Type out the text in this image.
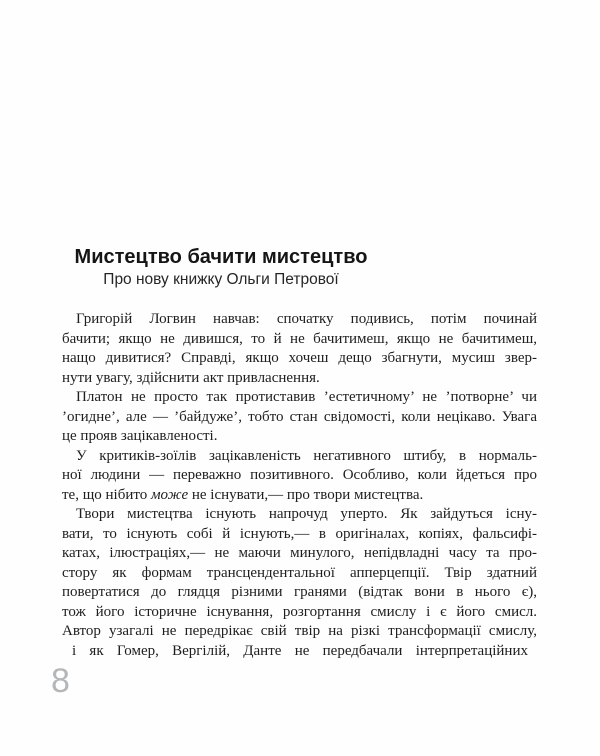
Мистецтво бачити мистецтво
Про нову книжку Ольги Петрової
Григорій Логвин навчав: спочатку подивись, потім починай
бачити; якщо не дивишся, то й не бачитимеш, якщо не бачитимеш,
нащо дивитися? Справді, якщо хочеш дещо збагнути, мусиш звер-
нути увагу, здійснити акт привласнення.
Платон не просто так протиставив ’естетичному’ не ’потворне’ чи
’огидне’, але — ’байдуже’, тобто стан свідомості, коли нецікаво. Увага
це прояв зацікавленості.
У критиків-зоїлів зацікавленість негативного штибу, в нормаль-
ної людини — переважно позитивного. Особливо, коли йдеться про
те, що нібито може не існувати,— про твори мистецтва.
Твори мистецтва існують напрочуд уперто. Як зайдуться існу-
вати, то існують собі й існують,— в оригіналах, копіях, фальсифі-
катах, ілюстраціях,— не маючи минулого, непідвладні часу та про-
стору як формам трансцендентальної апперцепції. Твір здатний
повертатися до глядця різними гранями (відтак вони в нього є),
тож його історичне існування, розгортання смислу і є його смисл.
Автор узагалі не передрікає свій твір на різкі трансформації смислу,
і як Гомер, Вергілій, Данте не передбачали інтерпретаційних
8
